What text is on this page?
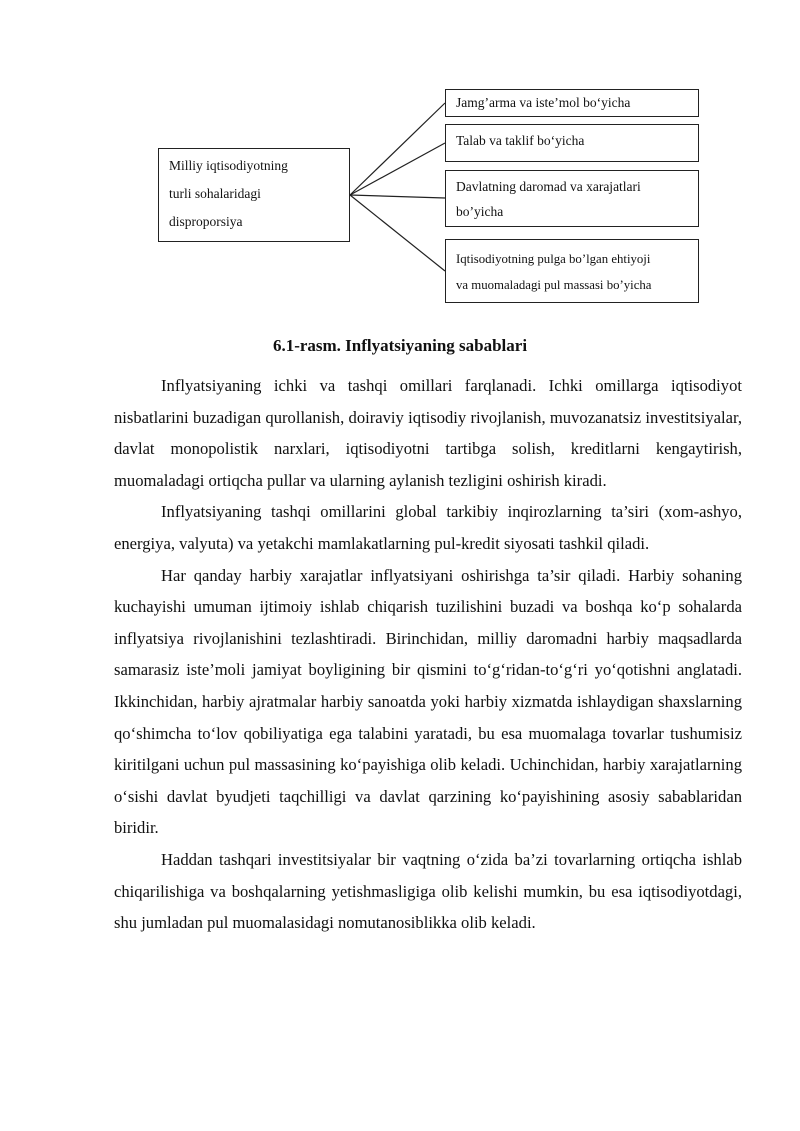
Milliy iqtisodiyotning
turli sohalaridagi
disproporsiya
Jamg’arma va iste’mol bo‘yicha
Talab va taklif bo‘yicha
Davlatning daromad va xarajatlari
bo’yicha
Iqtisodiyotning pulga bo’lgan ehtiyoji
va muomaladagi pul massasi bo’yicha
6.1-rasm. Inflyatsiyaning sabablari

Inflyatsiyaning ichki va tashqi omillari farqlanadi. Ichki omillarga iqtisodiyot nisbatlarini buzadigan qurollanish, doiraviy iqtisodiy rivojlanish, muvozanatsiz investitsiyalar, davlat monopolistik narxlari, iqtisodiyotni tartibga solish, kreditlarni kengaytirish, muomaladagi ortiqcha pullar va ularning aylanish tezligini oshirish kiradi.

Inflyatsiyaning tashqi omillarini global tarkibiy inqirozlarning ta’siri (xom-ashyo, energiya, valyuta) va yetakchi mamlakatlarning pul-kredit siyosati tashkil qiladi.

Har qanday harbiy xarajatlar inflyatsiyani oshirishga ta’sir qiladi. Harbiy sohaning kuchayishi umuman ijtimoiy ishlab chiqarish tuzilishini buzadi va boshqa ko‘p sohalarda inflyatsiya rivojlanishini tezlashtiradi. Birinchidan, milliy daromadni harbiy maqsadlarda samarasiz iste’moli jamiyat boyligining bir qismini to‘g‘ridan-to‘g‘ri yo‘qotishni anglatadi. Ikkinchidan, harbiy ajratmalar harbiy sanoatda yoki harbiy xizmatda ishlaydigan shaxslarning qo‘shimcha to‘lov qobiliyatiga ega talabini yaratadi, bu esa muomalaga tovarlar tushumisiz kiritilgani uchun pul massasining ko‘payishiga olib keladi. Uchinchidan, harbiy xarajatlarning o‘sishi davlat byudjeti taqchilligi va davlat qarzining ko‘payishining asosiy sabablaridan biridir.

Haddan tashqari investitsiyalar bir vaqtning o‘zida ba’zi tovarlarning ortiqcha ishlab chiqarilishiga va boshqalarning yetishmasligiga olib kelishi mumkin, bu esa iqtisodiyotdagi, shu jumladan pul muomalasidagi nomutanosiblikka olib keladi.
